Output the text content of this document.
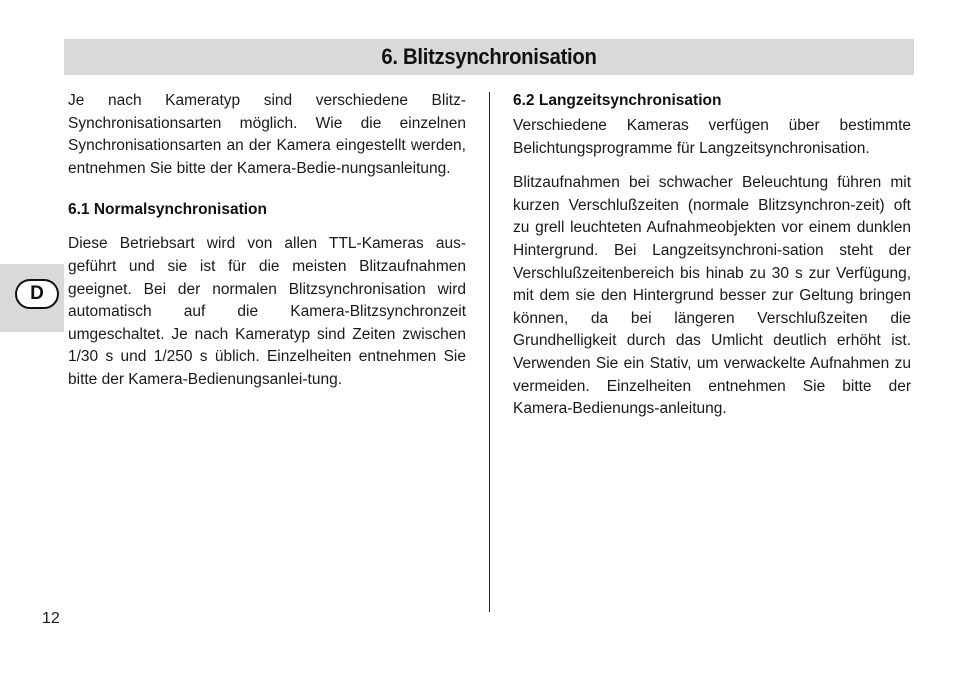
6. Blitzsynchronisation

Je nach Kameratyp sind verschiedene Blitz-Synchronisationsarten möglich. Wie die einzelnen Synchronisationsarten an der Kamera eingestellt werden, entnehmen Sie bitte der Kamera-Bedie-nungsanleitung.

6.1 Normalsynchronisation

Diese Betriebsart wird von allen TTL-Kameras aus-geführt und sie ist für die meisten Blitzaufnahmen geeignet. Bei der normalen Blitzsynchronisation wird automatisch auf die Kamera-Blitzsynchronzeit umgeschaltet. Je nach Kameratyp sind Zeiten zwischen 1/30 s und 1/250 s üblich. Einzelheiten entnehmen Sie bitte der Kamera-Bedienungsanlei-tung.

6.2 Langzeitsynchronisation

Verschiedene Kameras verfügen über bestimmte Belichtungsprogramme für Langzeitsynchronisation.

Blitzaufnahmen bei schwacher Beleuchtung führen mit kurzen Verschlußzeiten (normale Blitzsynchron-zeit) oft zu grell leuchteten Aufnahmeobjekten vor einem dunklen Hintergrund. Bei Langzeitsynchroni-sation steht der Verschlußzeitenbereich bis hinab zu 30 s zur Verfügung, mit dem sie den Hintergrund besser zur Geltung bringen können, da bei längeren Verschlußzeiten die Grundhelligkeit durch das Umlicht deutlich erhöht ist. Verwenden Sie ein Stativ, um verwackelte Aufnahmen zu vermeiden. Einzelheiten entnehmen Sie bitte der Kamera-Bedienungs-anleitung.

D
12
